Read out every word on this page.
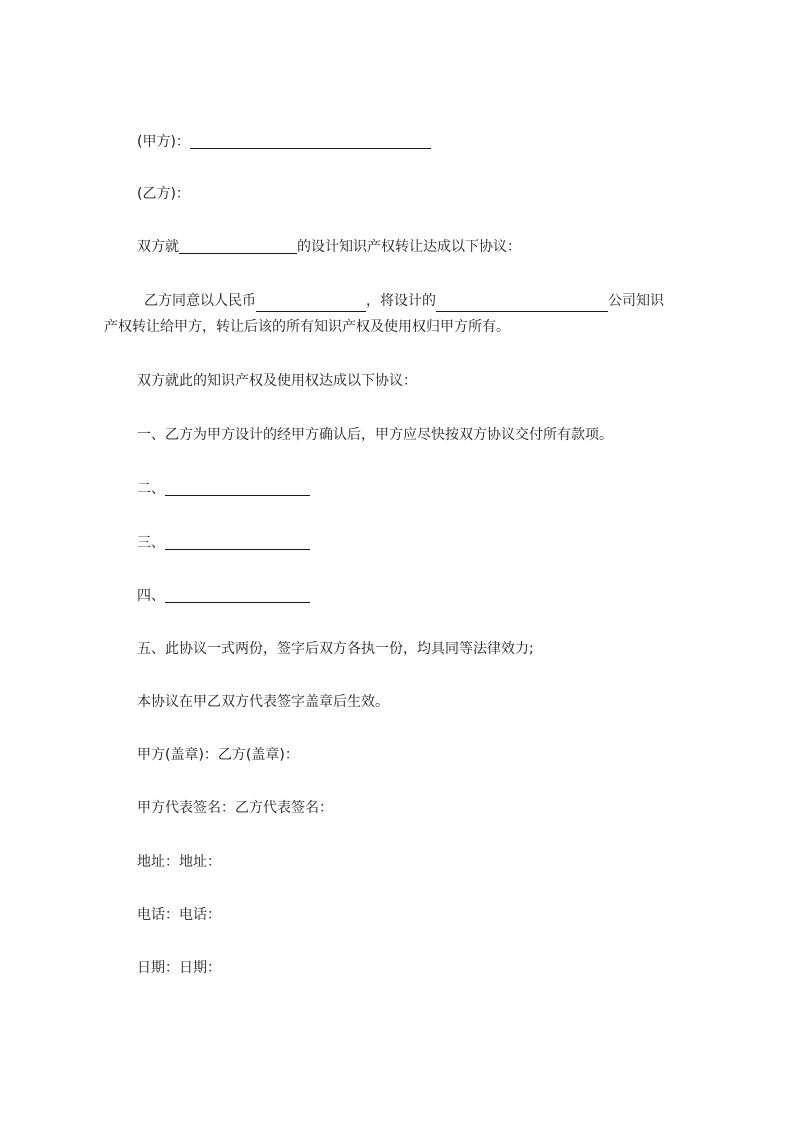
(甲方)：
(乙方)：
双方就	的设计知识产权转让达成以下协议：
乙方同意以人民币	，将设计的	公司知识
产权转让给甲方，转让后该的所有知识产权及使用权归甲方所有。
双方就此的知识产权及使用权达成以下协议：
一、乙方为甲方设计的经甲方确认后，甲方应尽快按双方协议交付所有款项。
二、
三、
四、
五、此协议一式两份，签字后双方各执一份，均具同等法律效力;
本协议在甲乙双方代表签字盖章后生效。
甲方(盖章)：乙方(盖章)：
甲方代表签名：乙方代表签名：
地址：地址：
电话：电话：
日期：日期：
